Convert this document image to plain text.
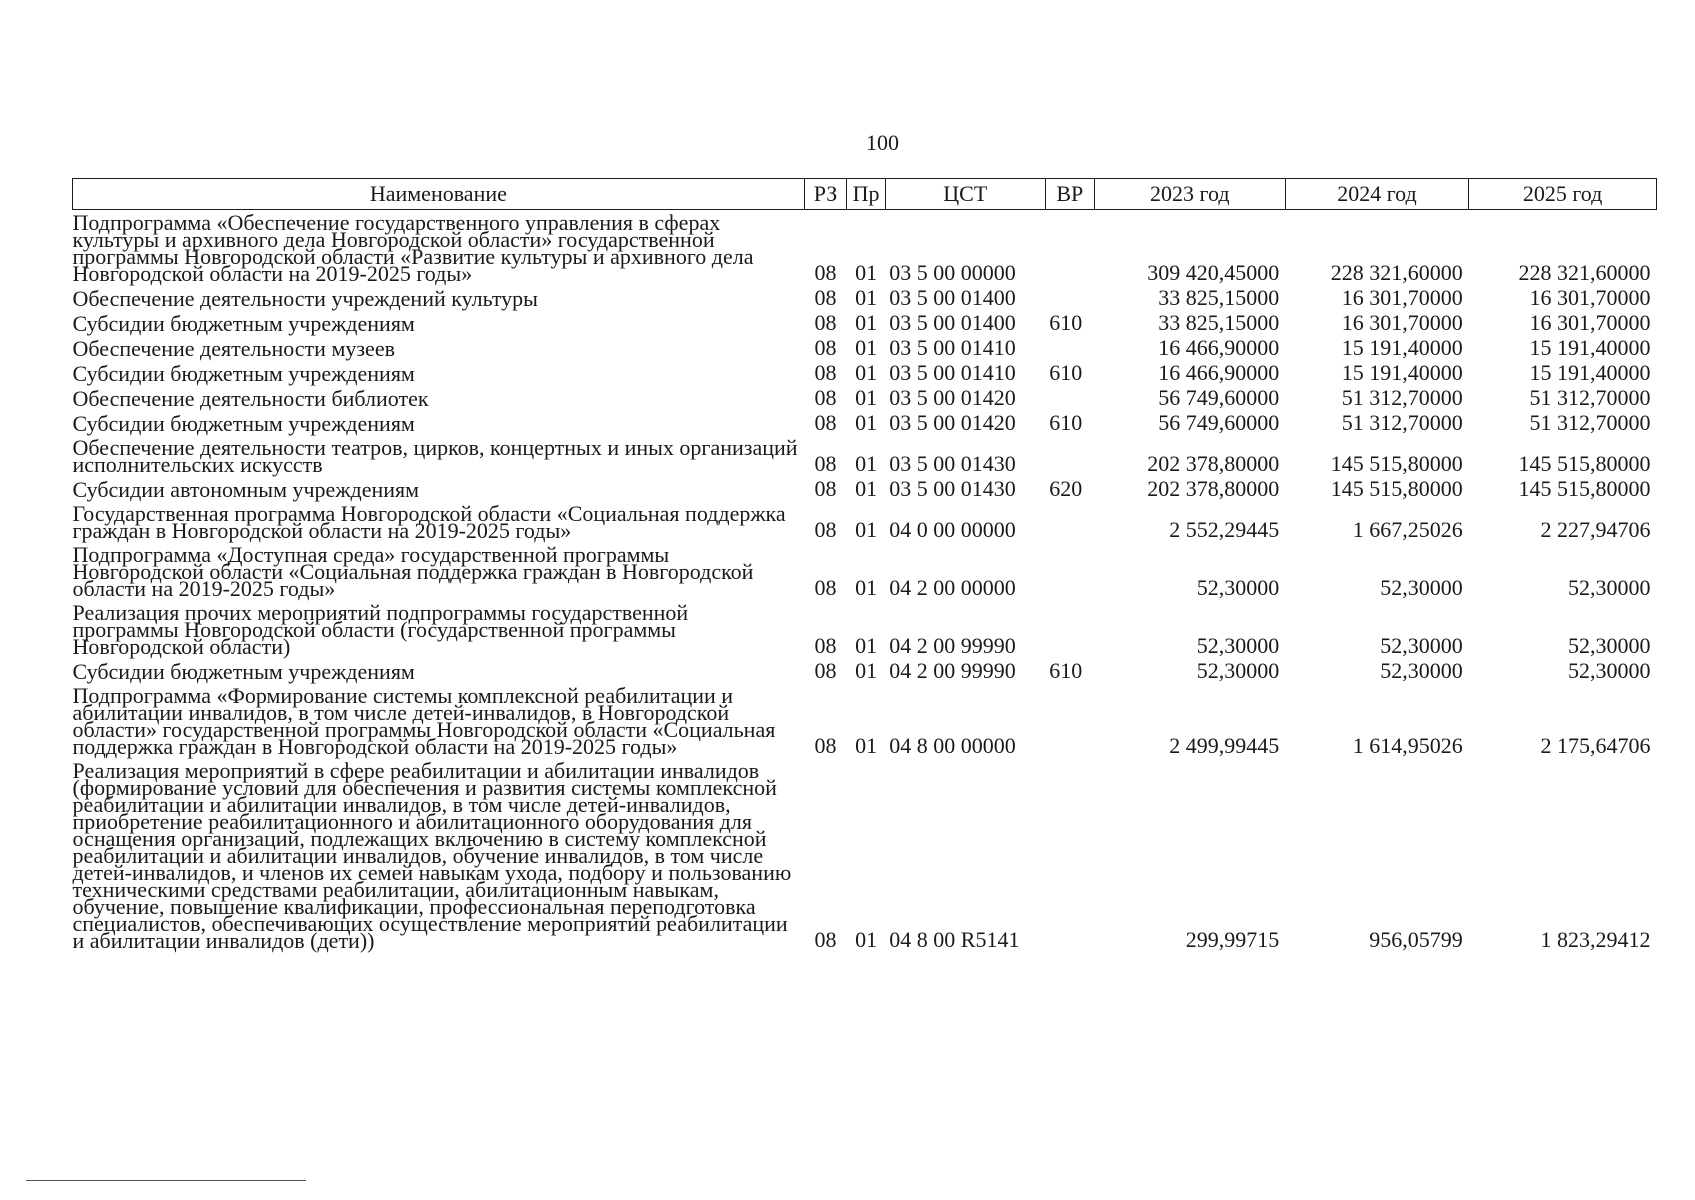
100
Наименование	РЗ	Пр	ЦСТ	ВР	2023 год	2024 год	2025 год
Подпрограмма «Обеспечение государственного управления в сферах культуры и архивного дела Новгородской области» государственной программы Новгородской области «Развитие культуры и архивного дела Новгородской области на 2019-2025 годы»	08	01	03 5 00 00000		309 420,45000	228 321,60000	228 321,60000
Обеспечение деятельности учреждений культуры	08	01	03 5 00 01400		33 825,15000	16 301,70000	16 301,70000
Субсидии бюджетным учреждениям	08	01	03 5 00 01400	610	33 825,15000	16 301,70000	16 301,70000
Обеспечение деятельности музеев	08	01	03 5 00 01410		16 466,90000	15 191,40000	15 191,40000
Субсидии бюджетным учреждениям	08	01	03 5 00 01410	610	16 466,90000	15 191,40000	15 191,40000
Обеспечение деятельности библиотек	08	01	03 5 00 01420		56 749,60000	51 312,70000	51 312,70000
Субсидии бюджетным учреждениям	08	01	03 5 00 01420	610	56 749,60000	51 312,70000	51 312,70000
Обеспечение деятельности театров, цирков, концертных и иных организаций исполнительских искусств	08	01	03 5 00 01430		202 378,80000	145 515,80000	145 515,80000
Субсидии автономным учреждениям	08	01	03 5 00 01430	620	202 378,80000	145 515,80000	145 515,80000
Государственная программа Новгородской области «Социальная поддержка граждан в Новгородской области на 2019-2025 годы»	08	01	04 0 00 00000		2 552,29445	1 667,25026	2 227,94706
Подпрограмма «Доступная среда» государственной программы Новгородской области «Социальная поддержка граждан в Новгородской области на 2019-2025 годы»	08	01	04 2 00 00000		52,30000	52,30000	52,30000
Реализация прочих мероприятий подпрограммы государственной программы Новгородской области (государственной программы Новгородской области)	08	01	04 2 00 99990		52,30000	52,30000	52,30000
Субсидии бюджетным учреждениям	08	01	04 2 00 99990	610	52,30000	52,30000	52,30000
Подпрограмма «Формирование системы комплексной реабилитации и абилитации инвалидов, в том числе детей-инвалидов, в Новгородской области» государственной программы Новгородской области «Социальная поддержка граждан в Новгородской области на 2019-2025 годы»	08	01	04 8 00 00000		2 499,99445	1 614,95026	2 175,64706
Реализация мероприятий в сфере реабилитации и абилитации инвалидов (формирование условий для обеспечения и развития системы комплексной реабилитации и абилитации инвалидов, в том числе детей-инвалидов, приобретение реабилитационного и абилитационного оборудования для оснащения организаций, подлежащих включению в систему комплексной реабилитации и абилитации инвалидов, обучение инвалидов, в том числе детей-инвалидов, и членов их семей навыкам ухода, подбору и пользованию техническими средствами реабилитации, абилитационным навыкам, обучение, повышение квалификации, профессиональная переподготовка специалистов, обеспечивающих осуществление мероприятий реабилитации и абилитации инвалидов (дети))	08	01	04 8 00 R5141		299,99715	956,05799	1 823,29412
